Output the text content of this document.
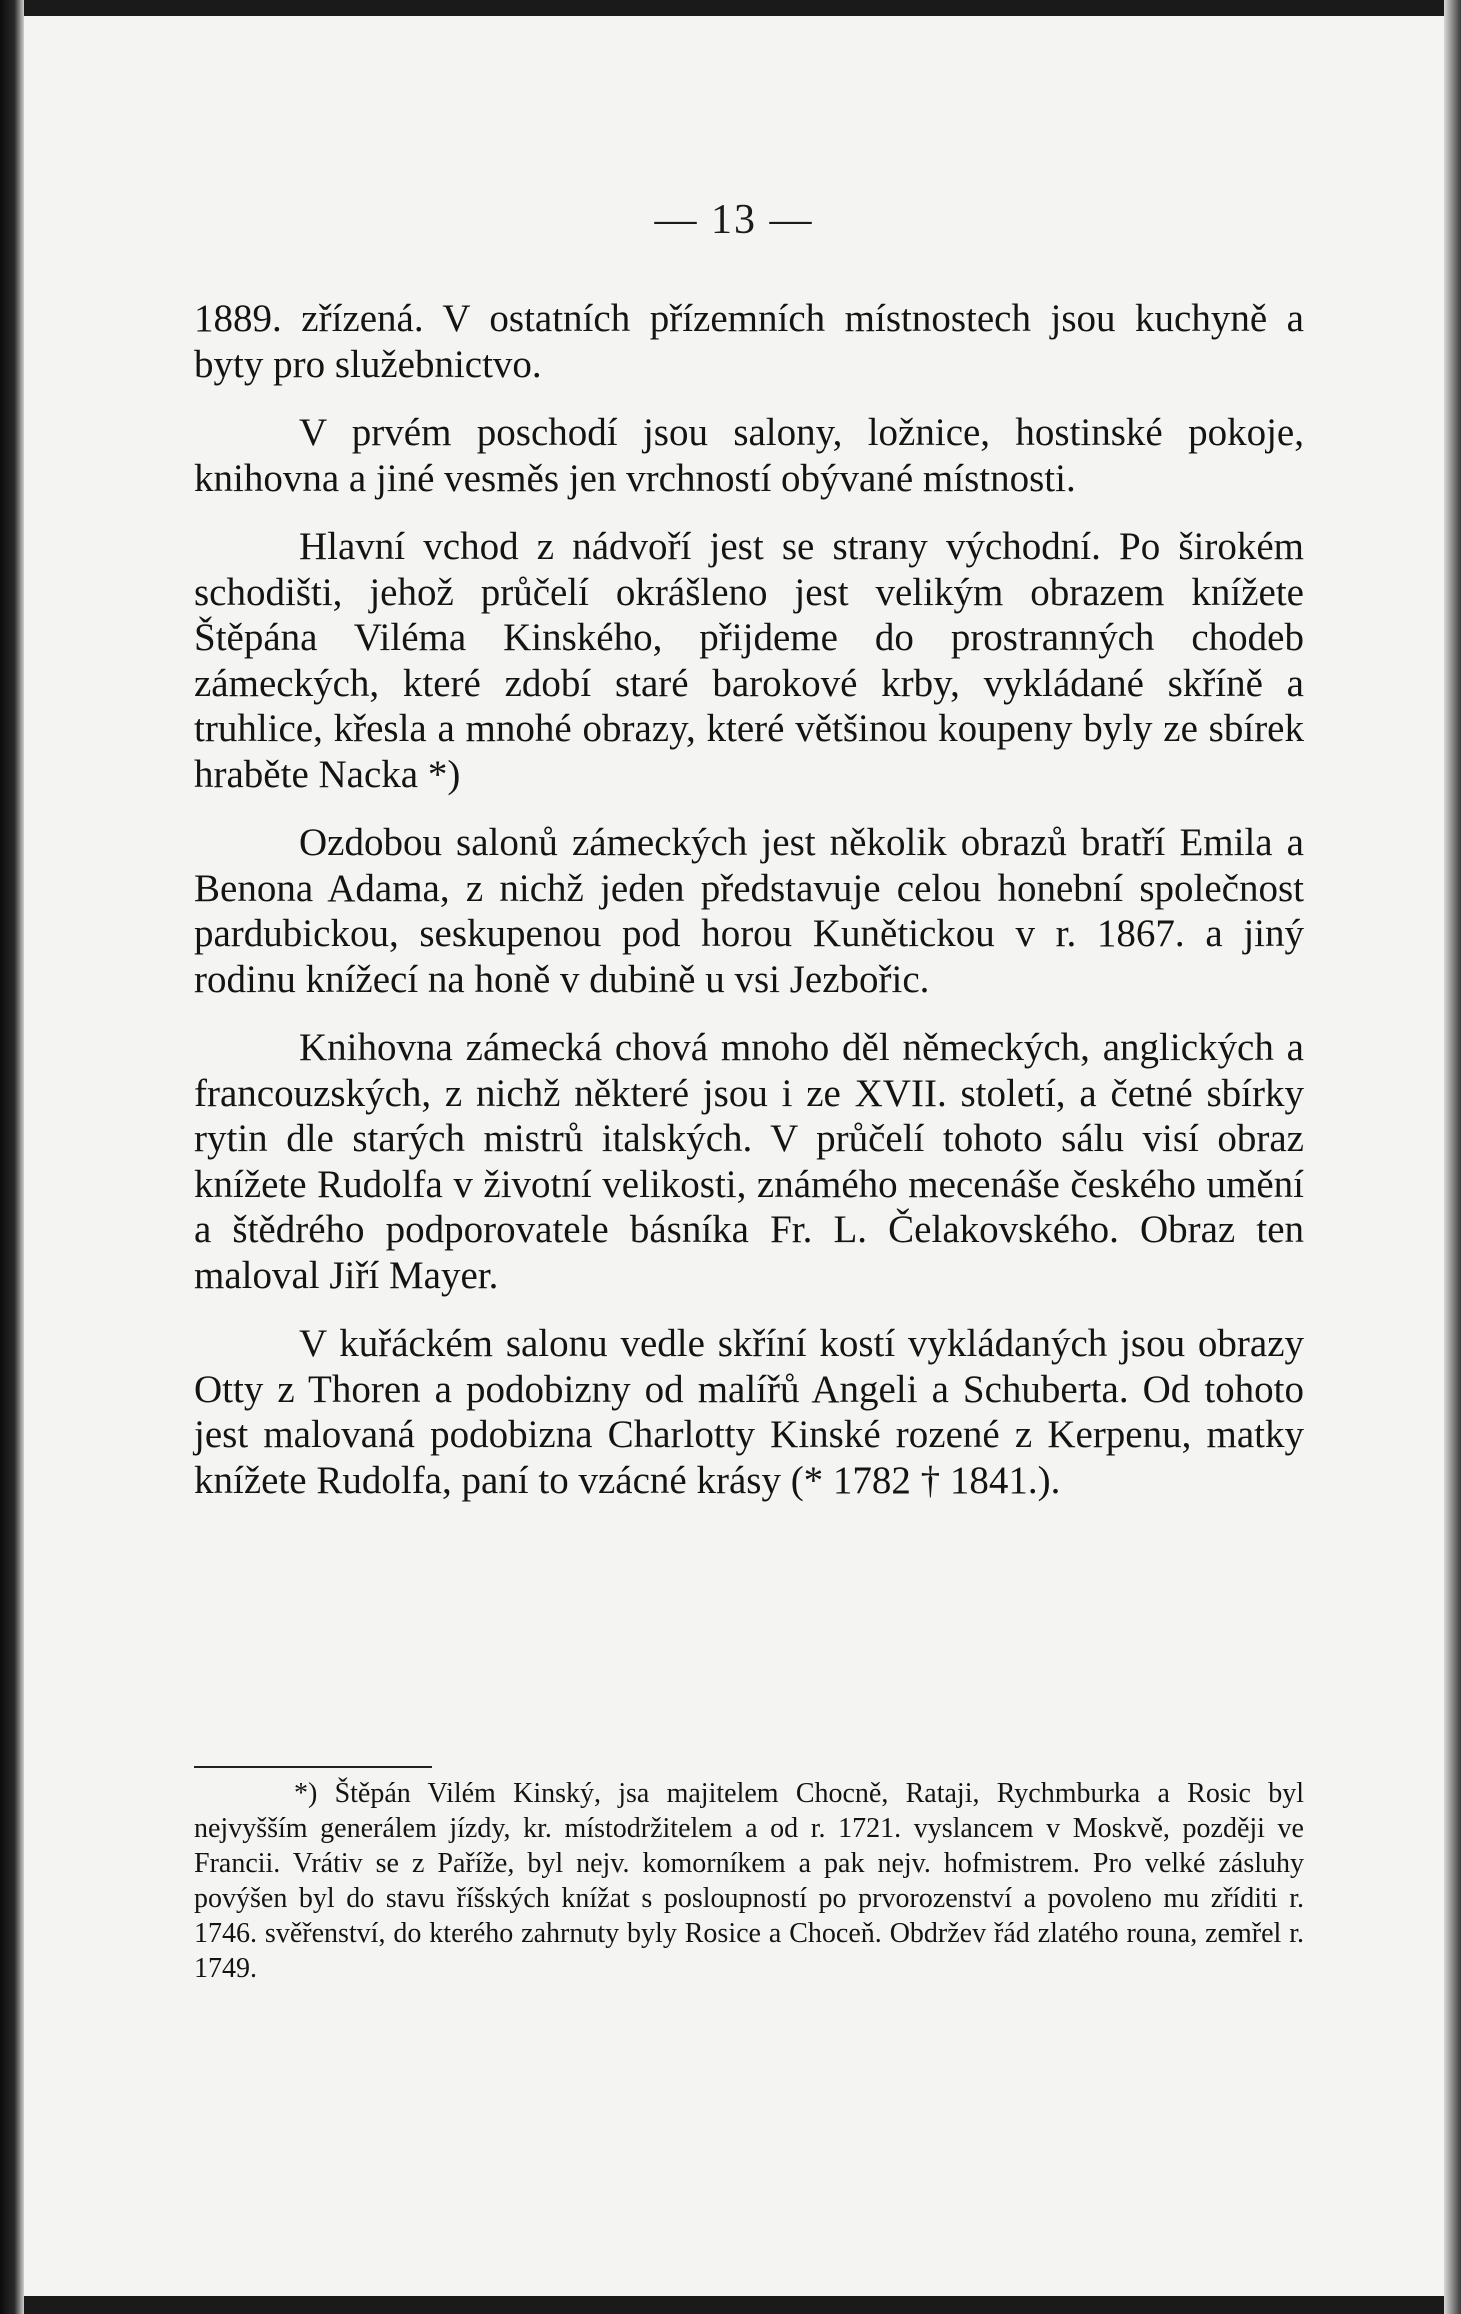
— 13 —

1889. zřízená. V ostatních přízemních místnostech jsou kuchyně a byty pro služebnictvo.

V prvém poschodí jsou salony, ložnice, hostinské pokoje, knihovna a jiné vesměs jen vrchností obývané místnosti.

Hlavní vchod z nádvoří jest se strany východní. Po širokém schodišti, jehož průčelí okrášleno jest velikým obrazem knížete Štěpána Viléma Kinského, přijdeme do prostranných chodeb zámeckých, které zdobí staré barokové krby, vykládané skříně a truhlice, křesla a mnohé obrazy, které většinou koupeny byly ze sbírek hraběte Nacka *)

Ozdobou salonů zámeckých jest několik obrazů bratří Emila a Benona Adama, z nichž jeden představuje celou honební společnost pardubickou, seskupenou pod horou Kunětickou v r. 1867. a jiný rodinu knížecí na honě v dubině u vsi Jezbořic.

Knihovna zámecká chová mnoho děl německých, anglických a francouzských, z nichž některé jsou i ze XVII. století, a četné sbírky rytin dle starých mistrů italských. V průčelí tohoto sálu visí obraz knížete Rudolfa v životní velikosti, známého mecenáše českého umění a štědrého podporovatele básníka Fr. L. Čelakovského. Obraz ten maloval Jiří Mayer.

V kuřáckém salonu vedle skříní kostí vykládaných jsou obrazy Otty z Thoren a podobizny od malířů Angeli a Schuberta. Od tohoto jest malovaná podobizna Charlotty Kinské rozené z Kerpenu, matky knížete Rudolfa, paní to vzácné krásy (* 1782 † 1841.).

*) Štěpán Vilém Kinský, jsa majitelem Chocně, Rataji, Rychmburka a Rosic byl nejvyšším generálem jízdy, kr. místodržitelem a od r. 1721. vyslancem v Moskvě, později ve Francii. Vrátiv se z Paříže, byl nejv. komorníkem a pak nejv. hofmistrem. Pro velké zásluhy povýšen byl do stavu říšských knížat s posloupností po prvorozenství a povoleno mu zříditi r. 1746. svěřenství, do kterého zahrnuty byly Rosice a Choceň. Obdržev řád zlatého rouna, zemřel r. 1749.
